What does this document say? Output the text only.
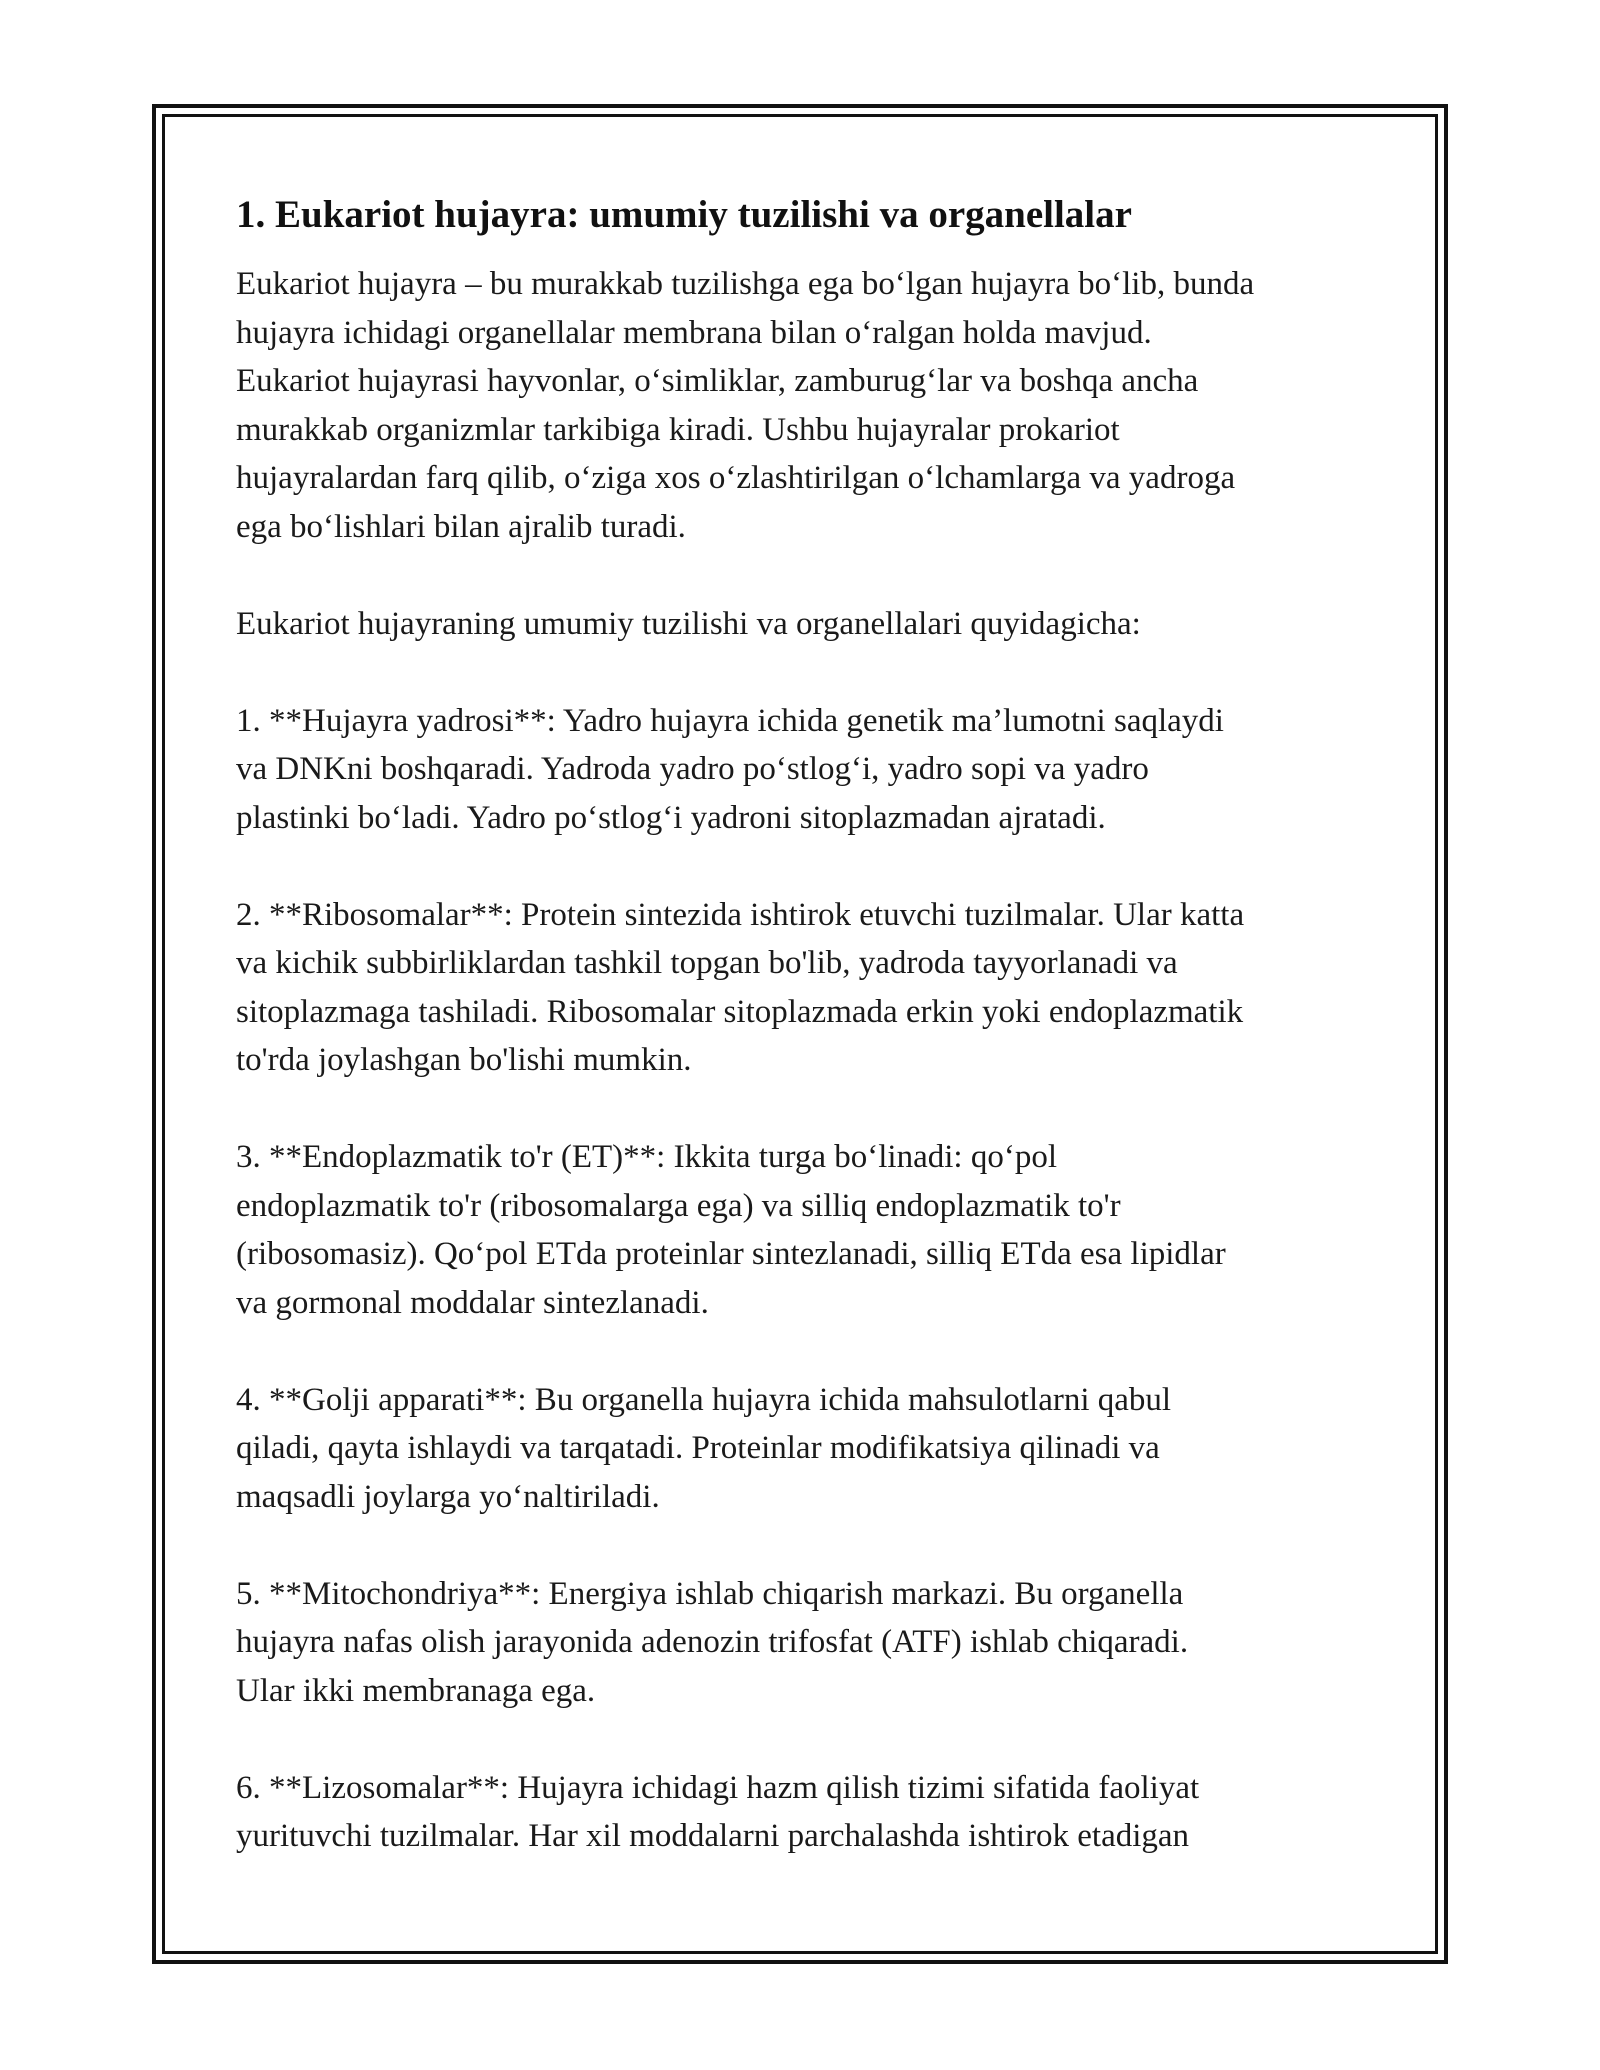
1. Eukariot hujayra: umumiy tuzilishi va organellalar

Eukariot hujayra – bu murakkab tuzilishga ega bo‘lgan hujayra bo‘lib, bunda
hujayra ichidagi organellalar membrana bilan o‘ralgan holda mavjud.
Eukariot hujayrasi hayvonlar, o‘simliklar, zamburug‘lar va boshqa ancha
murakkab organizmlar tarkibiga kiradi. Ushbu hujayralar prokariot
hujayralardan farq qilib, o‘ziga xos o‘zlashtirilgan o‘lchamlarga va yadroga
ega bo‘lishlari bilan ajralib turadi.

Eukariot hujayraning umumiy tuzilishi va organellalari quyidagicha:

1. **Hujayra yadrosi**: Yadro hujayra ichida genetik ma’lumotni saqlaydi
va DNKni boshqaradi. Yadroda yadro po‘stlog‘i, yadro sopi va yadro
plastinki bo‘ladi. Yadro po‘stlog‘i yadroni sitoplazmadan ajratadi.

2. **Ribosomalar**: Protein sintezida ishtirok etuvchi tuzilmalar. Ular katta
va kichik subbirliklardan tashkil topgan bo'lib, yadroda tayyorlanadi va
sitoplazmaga tashiladi. Ribosomalar sitoplazmada erkin yoki endoplazmatik
to'rda joylashgan bo'lishi mumkin.

3. **Endoplazmatik to'r (ET)**: Ikkita turga bo‘linadi: qo‘pol
endoplazmatik to'r (ribosomalarga ega) va silliq endoplazmatik to'r
(ribosomasiz). Qo‘pol ETda proteinlar sintezlanadi, silliq ETda esa lipidlar
va gormonal moddalar sintezlanadi.

4. **Golji apparati**: Bu organella hujayra ichida mahsulotlarni qabul
qiladi, qayta ishlaydi va tarqatadi. Proteinlar modifikatsiya qilinadi va
maqsadli joylarga yo‘naltiriladi.

5. **Mitochondriya**: Energiya ishlab chiqarish markazi. Bu organella
hujayra nafas olish jarayonida adenozin trifosfat (ATF) ishlab chiqaradi.
Ular ikki membranaga ega.

6. **Lizosomalar**: Hujayra ichidagi hazm qilish tizimi sifatida faoliyat
yurituvchi tuzilmalar. Har xil moddalarni parchalashda ishtirok etadigan
